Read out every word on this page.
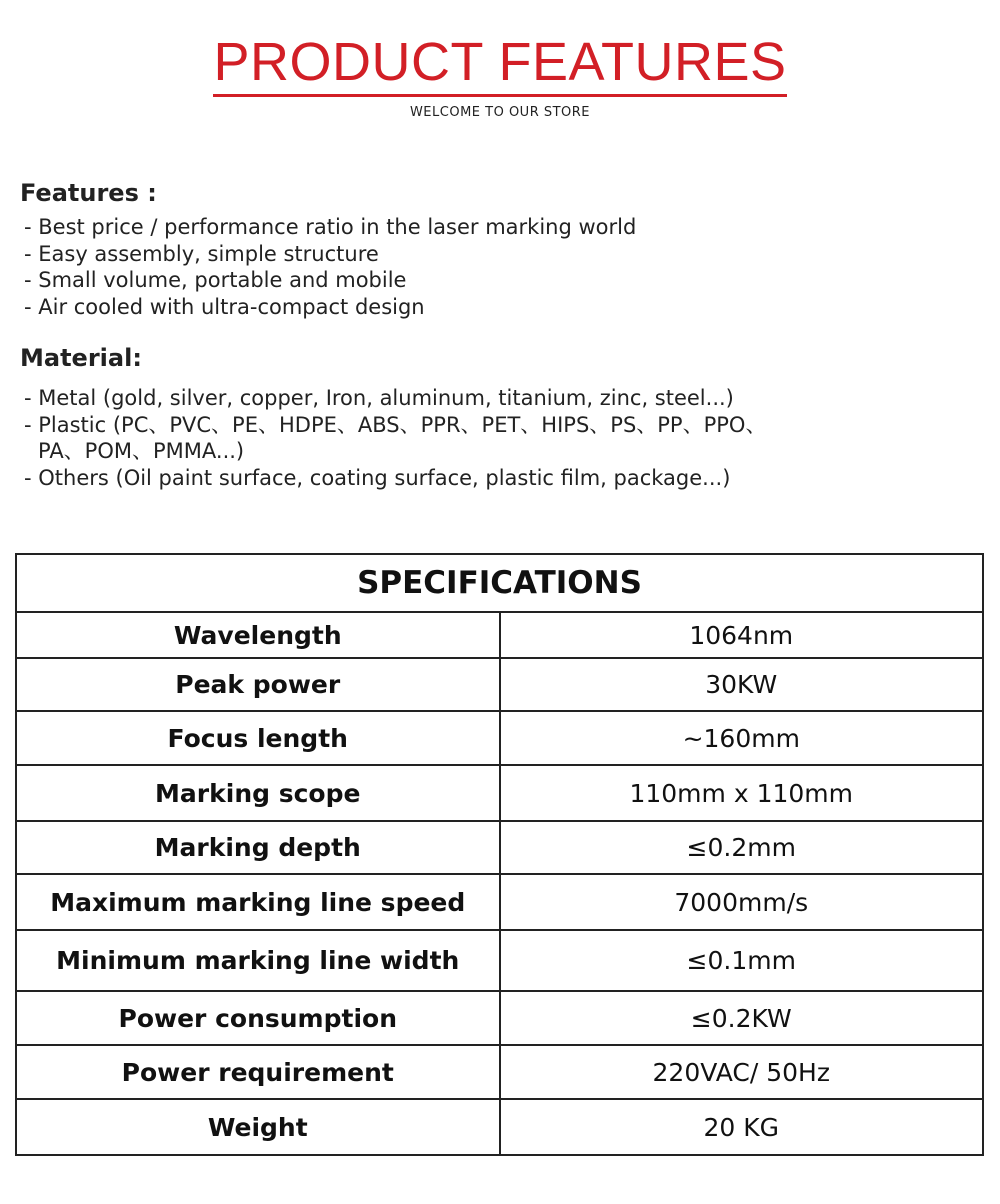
PRODUCT FEATURES
WELCOME TO OUR STORE
Features :
- Best price / performance ratio in the laser marking world
- Easy assembly, simple structure
- Small volume, portable and mobile
- Air cooled with ultra-compact design
Material:
- Metal (gold, silver, copper, Iron, aluminum, titanium, zinc, steel...)
- Plastic (PC、PVC、PE、HDPE、ABS、PPR、PET、HIPS、PS、PP、PPO、
PA、POM、PMMA...)
- Others (Oil paint surface, coating surface, plastic film, package...)
SPECIFICATIONS	
Wavelength	1064nm
Peak power	30KW
Focus length	~160mm
Marking scope	110mm x 110mm
Marking depth	≤0.2mm
Maximum marking line speed	7000mm/s
Minimum marking line width	≤0.1mm
Power consumption	≤0.2KW
Power requirement	220VAC/ 50Hz
Weight	20 KG
